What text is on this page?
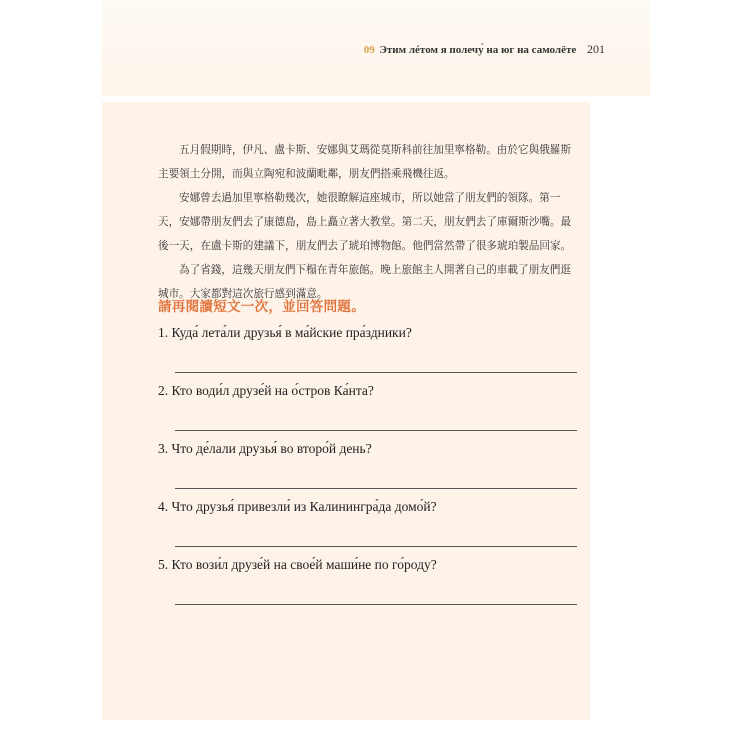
09 Этим лéтом я полечу́ на юг на самолёте 201

五月假期時，伊凡、盧卡斯、安娜與艾瑪從莫斯科前往加里寧格勒。由於它與俄羅斯主要領土分開，而與立陶宛和波蘭毗鄰，朋友們搭乘飛機往返。

安娜曾去過加里寧格勒幾次，她很瞭解這座城市，所以她當了朋友們的領隊。第一天，安娜帶朋友們去了康德島，島上矗立著大教堂。第二天，朋友們去了庫爾斯沙嘴。最後一天，在盧卡斯的建議下，朋友們去了琥珀博物館。他們當然帶了很多琥珀製品回家。

為了省錢，這幾天朋友們下榻在青年旅館。晚上旅館主人開著自己的車載了朋友們逛城市。大家都對這次旅行感到滿意。

請再閱讀短文一次，並回答問題。
1. Куда́ лета́ли друзья́ в ма́йские пра́здники?
2. Кто води́л друзе́й на о́стров Ка́нта?
3. Что де́лали друзья́ во второ́й день?
4. Что друзья́ привезли́ из Калинингра́да домо́й?
5. Кто вози́л друзе́й на свое́й маши́не по го́роду?
